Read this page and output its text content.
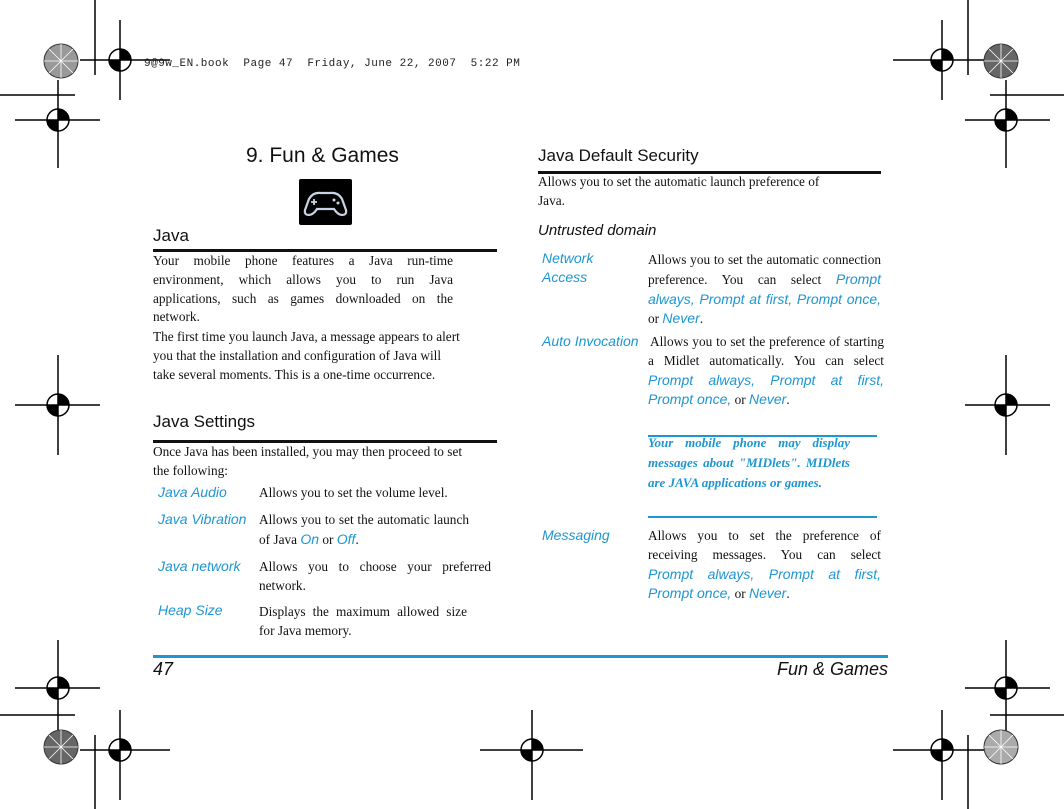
9@9w_EN.book  Page 47  Friday, June 22, 2007  5:22 PM
9. Fun & Games
Java
Your mobile phone features a Java run-time environment, which allows you to run Java applications, such as games downloaded on the network.
The first time you launch Java, a message appears to alert you that the installation and configuration of Java will take several moments. This is a one-time occurrence.
Java Settings
Once Java has been installed, you may then proceed to set the following:
Java Audio Allows you to set the volume level.
Java Vibration Allows you to set the automatic launch of Java On or Off.
Java network Allows you to choose your preferred network.
Heap Size	Displays the maximum allowed size for Java memory.
Java Default Security
Allows you to set the automatic launch preference of Java.
Untrusted domain
Network Access
Allows you to set the automatic connection preference. You can select Prompt always, Prompt at first, Prompt once, or Never.
Auto Invocation Allows you to set the preference of starting a Midlet automatically. You can select Prompt always, Prompt at first, Prompt once, or Never.
Your mobile phone may display messages about "MIDlets". MIDlets are JAVA applications or games.
Messaging	Allows you to set the preference of receiving messages. You can select Prompt always, Prompt at first, Prompt once, or Never.
47	Fun & Games
